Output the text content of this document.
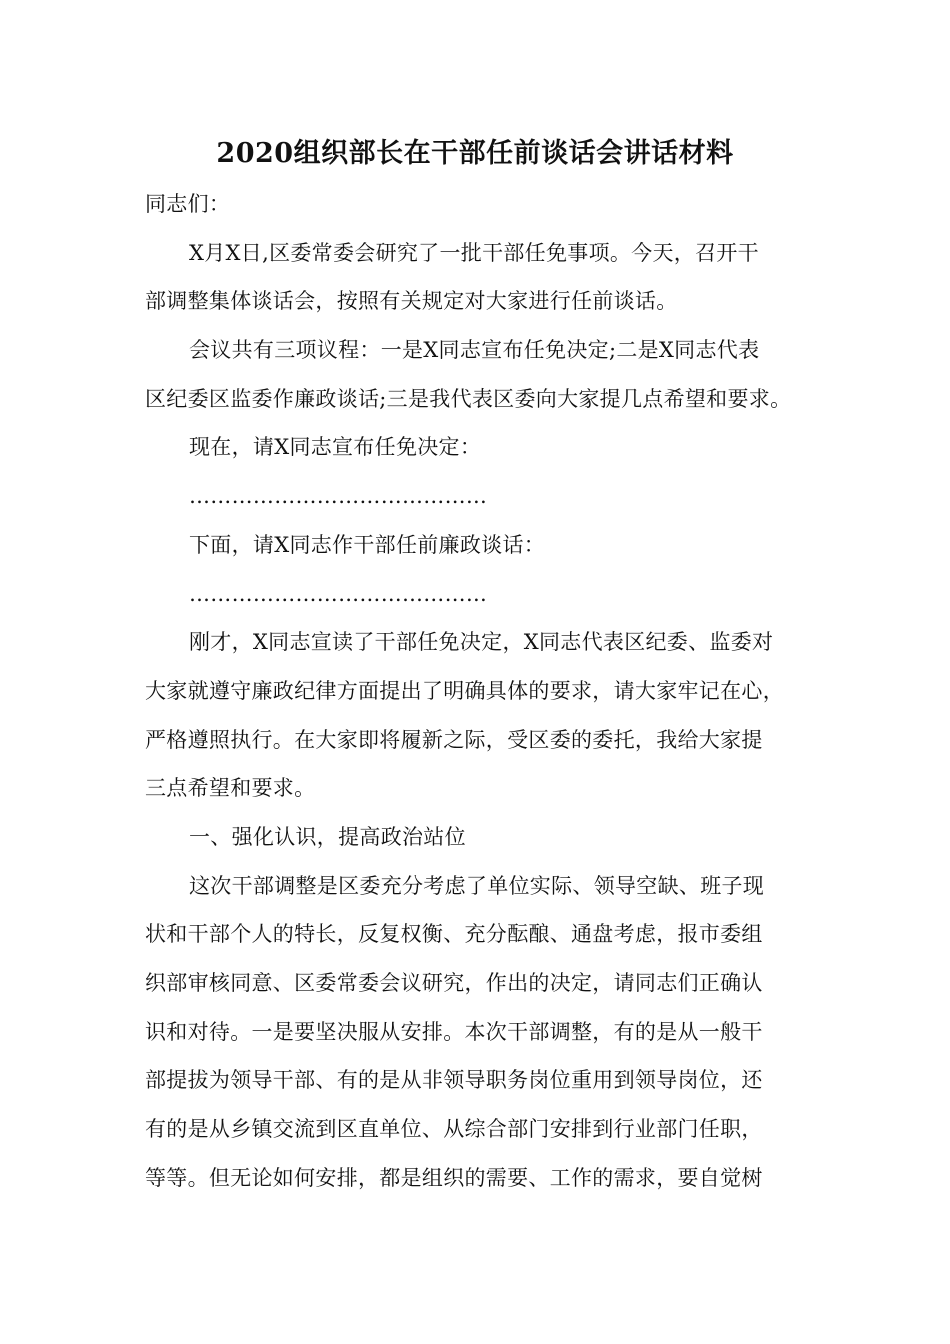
2020组织部长在干部任前谈话会讲话材料
同志们：
X月X日,区委常委会研究了一批干部任免事项。今天，召开干
部调整集体谈话会，按照有关规定对大家进行任前谈话。
会议共有三项议程：一是X同志宣布任免决定;二是X同志代表
区纪委区监委作廉政谈话;三是我代表区委向大家提几点希望和要求。
现在，请X同志宣布任免决定：
……………………………………
下面，请X同志作干部任前廉政谈话：
……………………………………
刚才，X同志宣读了干部任免决定，X同志代表区纪委、监委对
大家就遵守廉政纪律方面提出了明确具体的要求，请大家牢记在心，
严格遵照执行。在大家即将履新之际，受区委的委托，我给大家提
三点希望和要求。
一、强化认识，提高政治站位
这次干部调整是区委充分考虑了单位实际、领导空缺、班子现
状和干部个人的特长，反复权衡、充分酝酿、通盘考虑，报市委组
织部审核同意、区委常委会议研究，作出的决定，请同志们正确认
识和对待。一是要坚决服从安排。本次干部调整，有的是从一般干
部提拔为领导干部、有的是从非领导职务岗位重用到领导岗位，还
有的是从乡镇交流到区直单位、从综合部门安排到行业部门任职，
等等。但无论如何安排，都是组织的需要、工作的需求，要自觉树
